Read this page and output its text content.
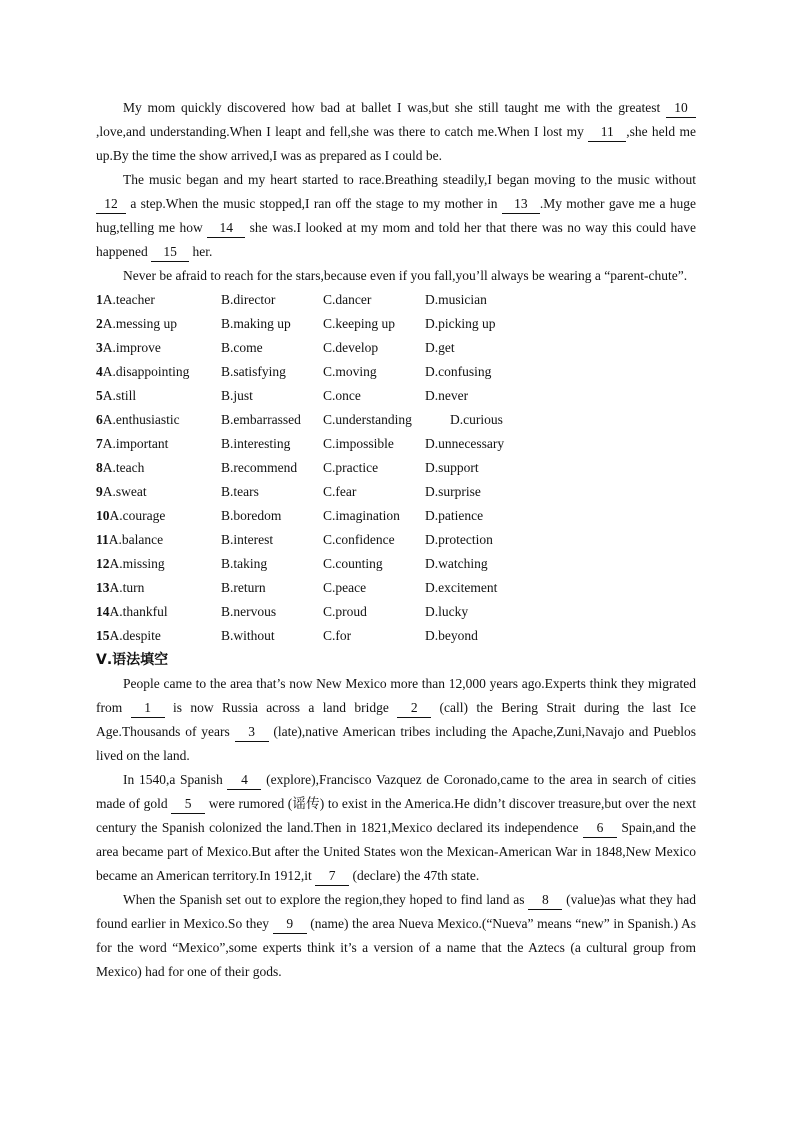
My mom quickly discovered how bad at ballet I was,but she still taught me with the greatest 10,love,and understanding.When I leapt and fell,she was there to catch me.When I lost my 11 ,she held me up.By the time the show arrived,I was as prepared as I could be.

The music began and my heart started to race.Breathing steadily,I began moving to the music without 12 a step.When the music stopped,I ran off the stage to my mother in 13 .My mother gave me a huge hug,telling me how 14 she was.I looked at my mom and told her that there was no way this could have happened 15 her.

Never be afraid to reach for the stars,because even if you fall,you’ll always be wearing a “parent-chute”.

1A.teacher	B.director	C.dancer	D.musician
2A.messing up	B.making up	C.keeping up	D.picking up
3A.improve	B.come	C.develop	D.get
4A.disappointing	B.satisfying	C.moving	D.confusing
5A.still	B.just	C.once	D.never
6A.enthusiastic	B.embarrassed	C.understanding	D.curious
7A.important	B.interesting	C.impossible	D.unnecessary
8A.teach	B.recommend	C.practice	D.support
9A.sweat	B.tears	C.fear	D.surprise
10A.courage	B.boredom	C.imagination	D.patience
11A.balance	B.interest	C.confidence	D.protection
12A.missing	B.taking	C.counting	D.watching
13A.turn	B.return	C.peace	D.excitement
14A.thankful	B.nervous	C.proud	D.lucky
15A.despite	B.without	C.for	D.beyond

Ⅴ.语法填空

People came to the area that’s now New Mexico more than 12,000 years ago.Experts think they migrated from 1 is now Russia across a land bridge 2 (call) the Bering Strait during the last Ice Age.Thousands of years 3 (late),native American tribes including the Apache,Zuni,Navajo and Pueblos lived on the land.

In 1540,a Spanish 4 (explore),Francisco Vazquez de Coronado,came to the area in search of cities made of gold 5 were rumored (谣传) to exist in the America.He didn’t discover treasure,but over the next century the Spanish colonized the land.Then in 1821,Mexico declared its independence 6 Spain,and the area became part of Mexico.But after the United States won the Mexican-American War in 1848,New Mexico became an American territory.In 1912,it 7 (declare) the 47th state.

When the Spanish set out to explore the region,they hoped to find land as 8 (value)as what they had found earlier in Mexico.So they 9 (name) the area Nueva Mexico.(“Nueva” means “new” in Spanish.) As for the word “Mexico”,some experts think it’s a version of a name that the Aztecs (a cultural group from Mexico) had for one of their gods.
